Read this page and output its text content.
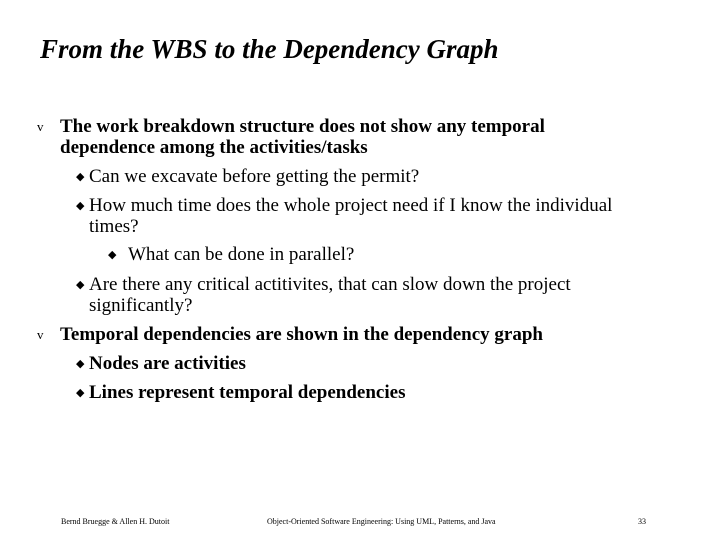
From the WBS to the Dependency Graph
v The work breakdown structure does not show any temporal
dependence among the activities/tasks
◆ Can we excavate before getting the permit?
◆ How much time does the whole project need if I know the individual
times?
◆ What can be done in parallel?
◆ Are there any critical actitivites, that can slow down the project
significantly?
v Temporal dependencies are shown in the dependency graph
◆ Nodes are activities
◆ Lines represent temporal dependencies
Bernd Bruegge & Allen H. Dutoit	Object-Oriented Software Engineering: Using UML, Patterns, and Java	33
